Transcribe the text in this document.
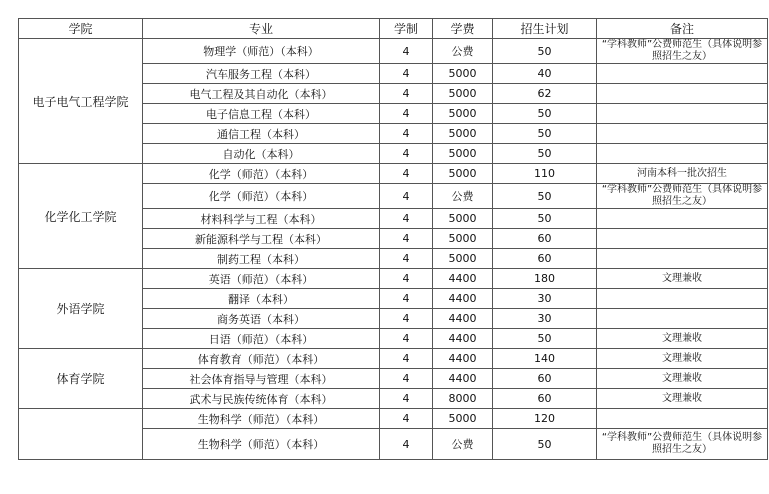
学院	专业	学制	学费	招生计划	备注
电子电气工程学院	物理学（师范）（本科）	4	公费	50	“学科教师”公费师范生（具体说明参照招生之友）
	汽车服务工程（本科）	4	5000	40	
	电气工程及其自动化（本科）	4	5000	62	
	电子信息工程（本科）	4	5000	50	
	通信工程（本科）	4	5000	50	
	自动化（本科）	4	5000	50	
化学化工学院	化学（师范）（本科）	4	5000	110	河南本科一批次招生
	化学（师范）（本科）	4	公费	50	“学科教师”公费师范生（具体说明参照招生之友）
	材料科学与工程（本科）	4	5000	50	
	新能源科学与工程（本科）	4	5000	60	
	制药工程（本科）	4	5000	60	
外语学院	英语（师范）（本科）	4	4400	180	文理兼收
	翻译（本科）	4	4400	30	
	商务英语（本科）	4	4400	30	
	日语（师范）（本科）	4	4400	50	文理兼收
体育学院	体育教育（师范）（本科）	4	4400	140	文理兼收
	社会体育指导与管理（本科）	4	4400	60	文理兼收
	武术与民族传统体育（本科）	4	8000	60	文理兼收
	生物科学（师范）（本科）	4	5000	120	
	生物科学（师范）（本科）	4	公费	50	“学科教师”公费师范生（具体说明参照招生之友）
